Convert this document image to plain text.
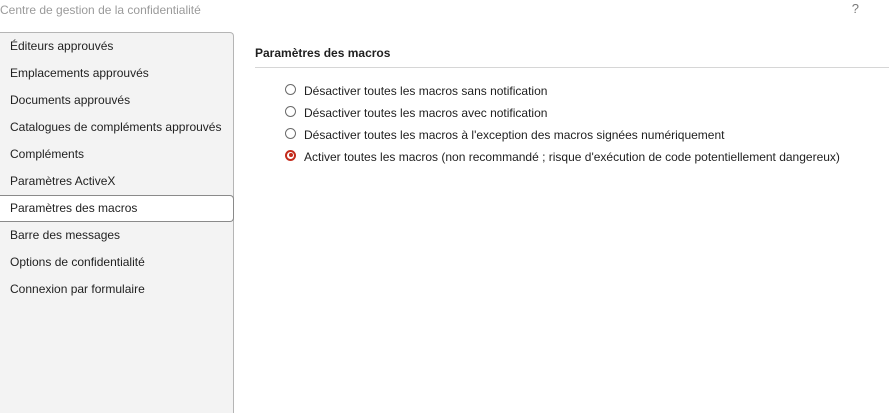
Centre de gestion de la confidentialité	?
Éditeurs approuvés
Emplacements approuvés
Documents approuvés
Catalogues de compléments approuvés
Compléments
Paramètres ActiveX
Paramètres des macros
Barre des messages
Options de confidentialité
Connexion par formulaire
Paramètres des macros
Désactiver toutes les macros sans notification
Désactiver toutes les macros avec notification
Désactiver toutes les macros à l'exception des macros signées numériquement
Activer toutes les macros (non recommandé ; risque d'exécution de code potentiellement dangereux)
